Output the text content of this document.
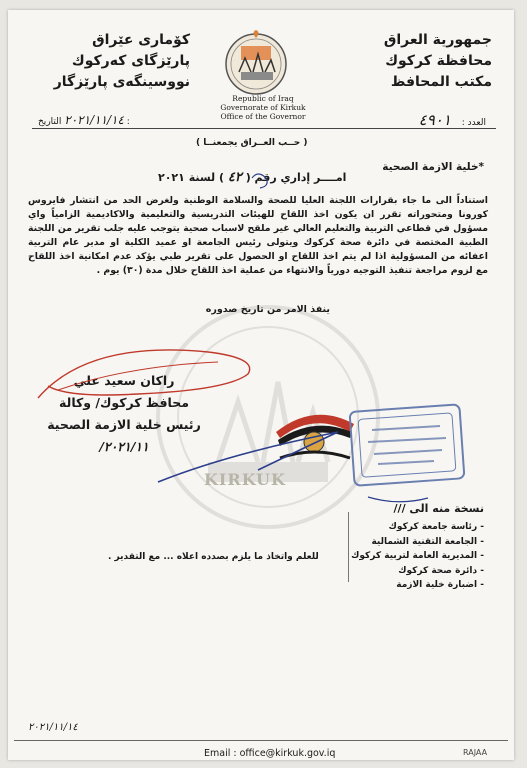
جمهورية العراق
محافظة كركوك
مكتب المحافظ
كۆماری عێراق
پارێزگای كەركوك
نووسینگەی پارێزگار
Republic of Iraq
Governorate of Kirkuk
Office of the Governor
العدد : ٤٩٠١
٢٠٢١/١١/١٤ التاريخ :
( حــب العــراق يجمعنــا )
*خلية الازمة الصحية
امــــر إداري رقم ( ٤٢ ) لسنة ٢٠٢١
KIRKUK
استناداً الى ما جاء بقرارات اللجنة العليا للصحة والسلامة الوطنية ولغرض الحد من انتشار فايروس كورونا ومتحوراته تقرر ان يكون اخذ اللقاح للهيئات التدريسية والتعليمية والاكاديمية الزامياً واي مسؤول في قطاعي التربية والتعليم العالي غير ملقح لاسباب صحية يتوجب عليه جلب تقرير من اللجنة الطبية المختصة في دائرة صحة كركوك ويتولى رئيس الجامعة او عميد الكلية او مدير عام التربية اعفائه من المسؤولية اذا لم يتم اخذ اللقاح او الحصول على تقرير طبي يؤكد عدم امكانية اخذ اللقاح مع لزوم مراجعة تنفيذ التوجيه دورياً والانتهاء من عملية اخذ اللقاح خلال مدة (٣٠) يوم .
ينفذ الامر من تاريخ صدوره
راكان سعيد علي
محافظ كركوك/ وكالة
رئيس خلية الازمة الصحية
٢٠٢١/١١/
نسخة منه الى ///
- رئاسة جامعة كركوك
- الجامعة التقنية الشمالية
- المديرية العامة لتربية كركوك
- دائرة صحة كركوك
- اضبارة خلية الازمة
للعلم واتخاذ ما يلزم بصدده اعلاه ... مع التقدير .
٢٠٢١/١١/١٤
Email : office@kirkuk.gov.iq	RAJAA
